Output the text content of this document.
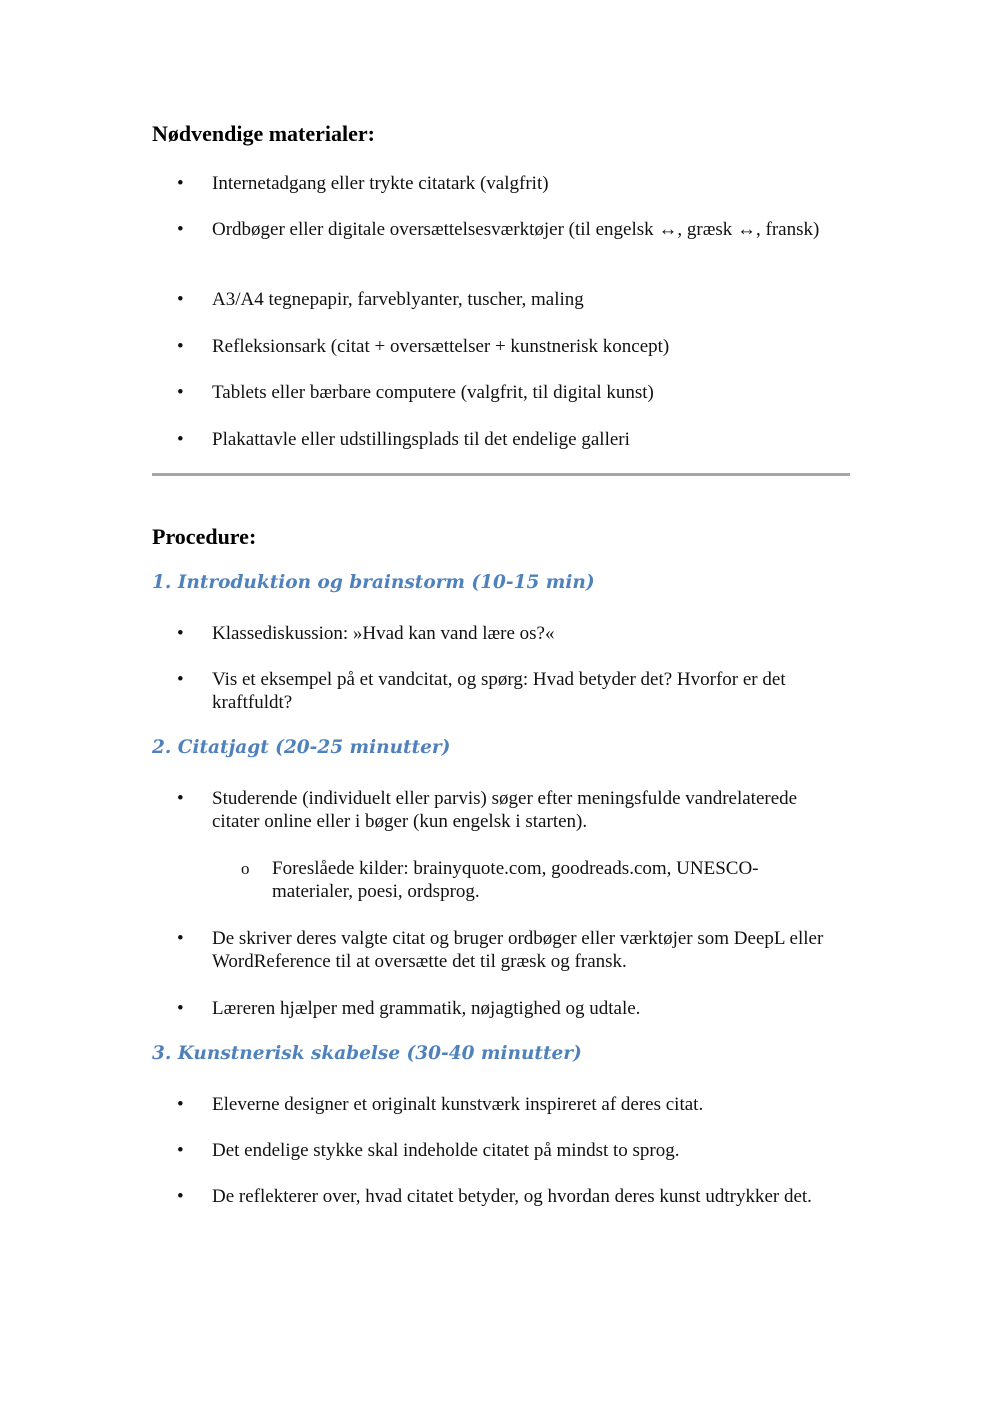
Nødvendige materialer:
• Internetadgang eller trykte citatark (valgfrit)
• Ordbøger eller digitale oversættelsesværktøjer (til engelsk ↔, græsk ↔, fransk)
• A3/A4 tegnepapir, farveblyanter, tuscher, maling
• Refleksionsark (citat + oversættelser + kunstnerisk koncept)
• Tablets eller bærbare computere (valgfrit, til digital kunst)
• Plakattavle eller udstillingsplads til det endelige galleri
Procedure:
1. Introduktion og brainstorm (10-15 min)
• Klassediskussion: »Hvad kan vand lære os?«
• Vis et eksempel på et vandcitat, og spørg: Hvad betyder det? Hvorfor er det kraftfuldt?
2. Citatjagt (20-25 minutter)
• Studerende (individuelt eller parvis) søger efter meningsfulde vandrelaterede citater online eller i bøger (kun engelsk i starten).
o Foreslåede kilder: brainyquote.com, goodreads.com, UNESCO-materialer, poesi, ordsprog.
• De skriver deres valgte citat og bruger ordbøger eller værktøjer som DeepL eller WordReference til at oversætte det til græsk og fransk.
• Læreren hjælper med grammatik, nøjagtighed og udtale.
3. Kunstnerisk skabelse (30-40 minutter)
• Eleverne designer et originalt kunstværk inspireret af deres citat.
• Det endelige stykke skal indeholde citatet på mindst to sprog.
• De reflekterer over, hvad citatet betyder, og hvordan deres kunst udtrykker det.
